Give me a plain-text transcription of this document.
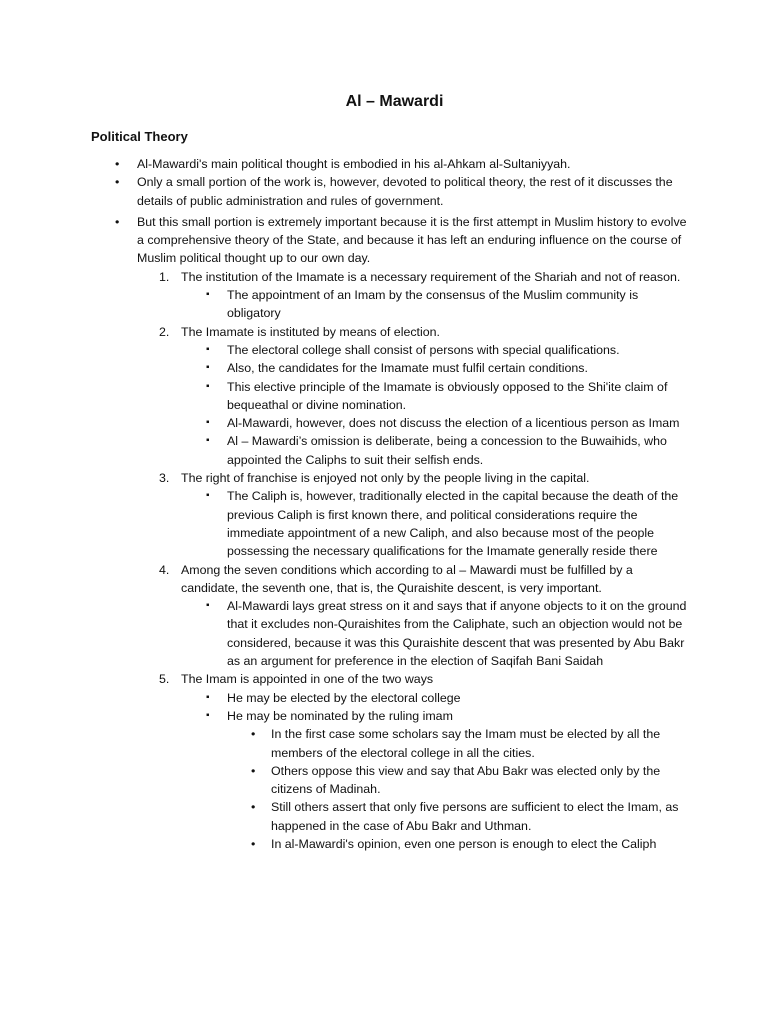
Al – Mawardi
Political Theory
• Al-Mawardi's main political thought is embodied in his al-Ahkam al-Sultaniyyah.
• Only a small portion of the work is, however, devoted to political theory, the rest of it discusses the details of public administration and rules of government.
• But this small portion is extremely important because it is the first attempt in Muslim history to evolve a comprehensive theory of the State, and because it has left an enduring influence on the course of Muslim political thought up to our own day.
1. The institution of the Imamate is a necessary requirement of the Shariah and not of reason.
▪ The appointment of an Imam by the consensus of the Muslim community is obligatory
2. The Imamate is instituted by means of election.
▪ The electoral college shall consist of persons with special qualifications.
▪ Also, the candidates for the Imamate must fulfil certain conditions.
▪ This elective principle of the Imamate is obviously opposed to the Shi'ite claim of bequeathal or divine nomination.
▪ Al-Mawardi, however, does not discuss the election of a licentious person as Imam
▪ Al – Mawardi’s omission is deliberate, being a concession to the Buwaihids, who appointed the Caliphs to suit their selfish ends.
3. The right of franchise is enjoyed not only by the people living in the capital.
▪ The Caliph is, however, traditionally elected in the capital because the death of the previous Caliph is first known there, and political considerations require the immediate appointment of a new Caliph, and also because most of the people possessing the necessary qualifications for the Imamate generally reside there
4. Among the seven conditions which according to al – Mawardi must be fulfilled by a candidate, the seventh one, that is, the Quraishite descent, is very important.
▪ Al-Mawardi lays great stress on it and says that if anyone objects to it on the ground that it excludes non-Quraishites from the Caliphate, such an objection would not be considered, because it was this Quraishite descent that was presented by Abu Bakr as an argument for preference in the election of Saqifah Bani Saidah
5. The Imam is appointed in one of the two ways
▪ He may be elected by the electoral college
▪ He may be nominated by the ruling imam
• In the first case some scholars say the Imam must be elected by all the members of the electoral college in all the cities.
• Others oppose this view and say that Abu Bakr was elected only by the citizens of Madinah.
• Still others assert that only five persons are sufficient to elect the Imam, as happened in the case of Abu Bakr and Uthman.
• In al-Mawardi's opinion, even one person is enough to elect the Caliph
